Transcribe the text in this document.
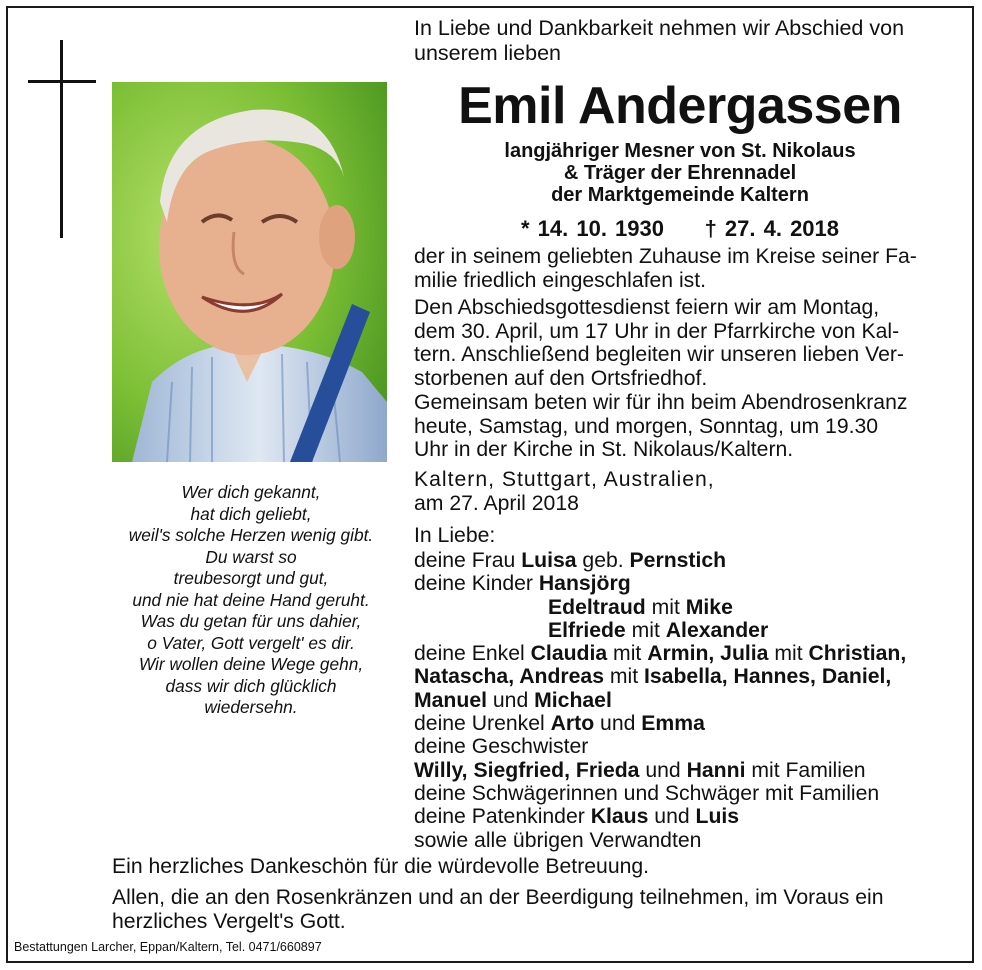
In Liebe und Dankbarkeit nehmen wir Abschied von
unserem lieben
Emil Andergassen
langjähriger Mesner von St. Nikolaus
& Träger der Ehrennadel
der Marktgemeinde Kaltern
* 14. 10. 1930 † 27. 4. 2018
der in seinem geliebten Zuhause im Kreise seiner Fa-
milie friedlich eingeschlafen ist.
Den Abschiedsgottesdienst feiern wir am Montag,
dem 30. April, um 17 Uhr in der Pfarrkirche von Kal-
tern. Anschließend begleiten wir unseren lieben Ver-
storbenen auf den Ortsfriedhof.
Gemeinsam beten wir für ihn beim Abendrosenkranz
heute, Samstag, und morgen, Sonntag, um 19.30
Uhr in der Kirche in St. Nikolaus/Kaltern.
Kaltern, Stuttgart, Australien,
am 27. April 2018
In Liebe:
Wer dich gekannt,
hat dich geliebt,
weil's solche Herzen wenig gibt.
Du warst so
treubesorgt und gut,
und nie hat deine Hand geruht.
Was du getan für uns dahier,
o Vater, Gott vergelt' es dir.
Wir wollen deine Wege gehn,
dass wir dich glücklich
wiedersehn.
deine Frau Luisa geb. Pernstich
deine Kinder Hansjörg
Edeltraud mit Mike
Elfriede mit Alexander
deine Enkel Claudia mit Armin, Julia mit Christian,
Natascha, Andreas mit Isabella, Hannes, Daniel,
Manuel und Michael
deine Urenkel Arto und Emma
deine Geschwister
Willy, Siegfried, Frieda und Hanni mit Familien
deine Schwägerinnen und Schwäger mit Familien
deine Patenkinder Klaus und Luis
sowie alle übrigen Verwandten
Ein herzliches Dankeschön für die würdevolle Betreuung.
Allen, die an den Rosenkränzen und an der Beerdigung teilnehmen, im Voraus ein
herzliches Vergelt's Gott.
Bestattungen Larcher, Eppan/Kaltern, Tel. 0471/660897
